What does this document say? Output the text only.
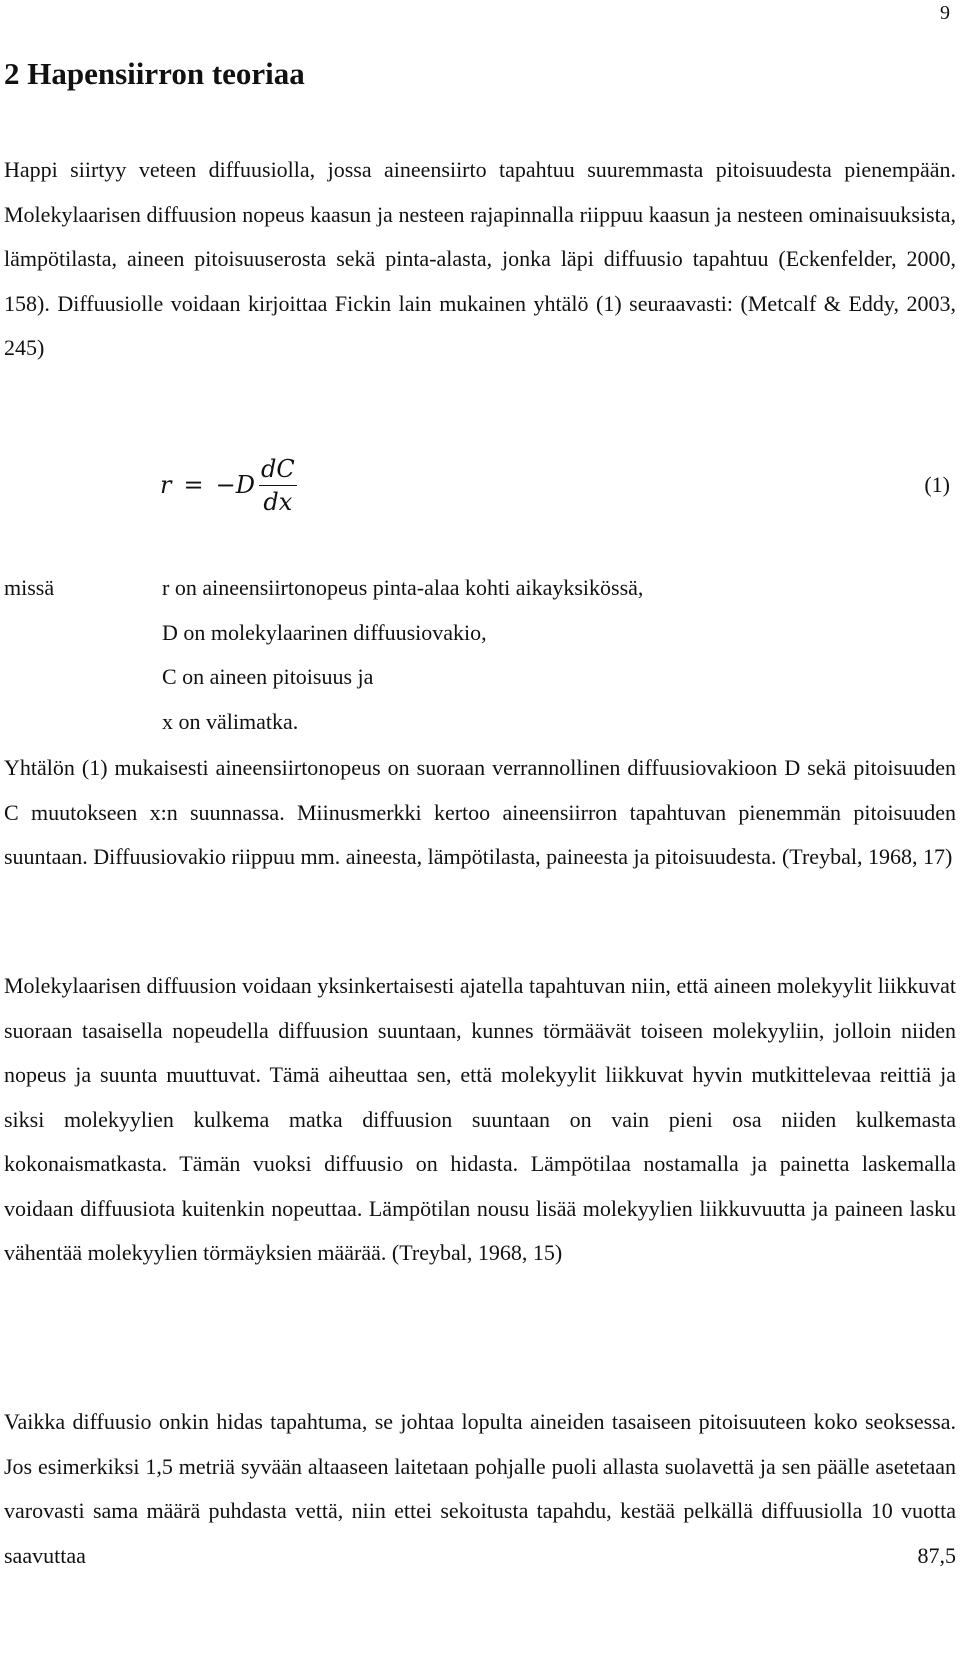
9
2 Hapensiirron teoriaa

Happi siirtyy veteen diffuusiolla, jossa aineensiirto tapahtuu suuremmasta pitoisuudesta pienempään. Molekylaarisen diffuusion nopeus kaasun ja nesteen rajapinnalla riippuu kaasun ja nesteen ominaisuuksista, lämpötilasta, aineen pitoisuuserosta sekä pinta-alasta, jonka läpi diffuusio tapahtuu (Eckenfelder, 2000, 158). Diffuusiolle voidaan kirjoittaa Fickin lain mukainen yhtälö (1) seuraavasti: (Metcalf & Eddy, 2003, 245)

$r = -D \frac{dC}{dx}$	(1)
missä	r on aineensiirtonopeus pinta-alaa kohti aikayksikössä,
D on molekylaarinen diffuusiovakio,
C on aineen pitoisuus ja
x on välimatka.

Yhtälön (1) mukaisesti aineensiirtonopeus on suoraan verrannollinen diffuusiovakioon D sekä pitoisuuden C muutokseen x:n suunnassa. Miinusmerkki kertoo aineensiirron tapahtuvan pienemmän pitoisuuden suuntaan. Diffuusiovakio riippuu mm. aineesta, lämpötilasta, paineesta ja pitoisuudesta. (Treybal, 1968, 17)

Molekylaarisen diffuusion voidaan yksinkertaisesti ajatella tapahtuvan niin, että aineen molekyylit liikkuvat suoraan tasaisella nopeudella diffuusion suuntaan, kunnes törmäävät toiseen molekyyliin, jolloin niiden nopeus ja suunta muuttuvat. Tämä aiheuttaa sen, että molekyylit liikkuvat hyvin mutkittelevaa reittiä ja siksi molekyylien kulkema matka diffuusion suuntaan on vain pieni osa niiden kulkemasta kokonaismatkasta. Tämän vuoksi diffuusio on hidasta. Lämpötilaa nostamalla ja painetta laskemalla voidaan diffuusiota kuitenkin nopeuttaa. Lämpötilan nousu lisää molekyylien liikkuvuutta ja paineen lasku vähentää molekyylien törmäyksien määrää. (Treybal, 1968, 15)

Vaikka diffuusio onkin hidas tapahtuma, se johtaa lopulta aineiden tasaiseen pitoisuuteen koko seoksessa. Jos esimerkiksi 1,5 metriä syvään altaaseen laitetaan pohjalle puoli allasta suolavettä ja sen päälle asetetaan varovasti sama määrä puhdasta vettä, niin ettei sekoitusta tapahdu, kestää pelkällä diffuusiolla 10 vuotta saavuttaa 87,5
